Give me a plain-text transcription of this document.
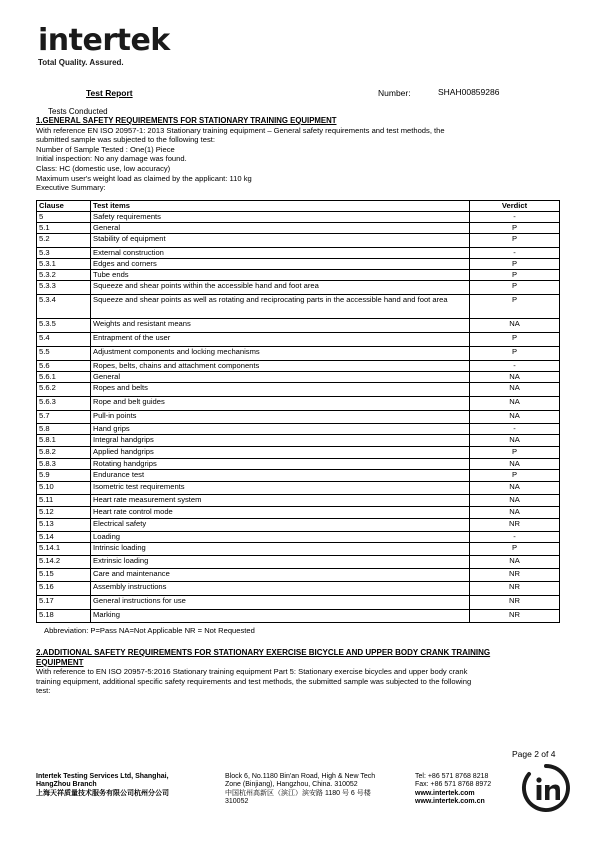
intertek
Total Quality. Assured.
Test Report	Number:	SHAH00859286
Tests Conducted
1.GENERAL SAFETY REQUIREMENTS FOR STATIONARY TRAINING EQUIPMENT
With reference EN ISO 20957-1: 2013 Stationary training equipment – General safety requirements and test methods, the
submitted sample was subjected to the following test:
Number of Sample Tested : One(1) Piece
Initial inspection: No any damage was found.
Class: HC (domestic use, low accuracy)
Maximum user's weight load as claimed by the applicant: 110 kg
Executive Summary:
Clause	Test items	Verdict
5	Safety requirements	-
5.1	General	P
5.2	Stability of equipment	P
5.3	External construction	-
5.3.1	Edges and corners	P
5.3.2	Tube ends	P
5.3.3	Squeeze and shear points within the accessible hand and foot area	P
5.3.4	Squeeze and shear points as well as rotating and reciprocating parts in the accessible hand and foot area	P
5.3.5	Weights and resistant means	NA
5.4	Entrapment of the user	P
5.5	Adjustment components and locking mechanisms	P
5.6	Ropes, belts, chains and attachment components	-
5.6.1	General	NA
5.6.2	Ropes and belts	NA
5.6.3	Rope and belt guides	NA
5.7	Pull-in points	NA
5.8	Hand grips	-
5.8.1	Integral handgrips	NA
5.8.2	Applied handgrips	P
5.8.3	Rotating handgrips	NA
5.9	Endurance test	P
5.10	Isometric test requirements	NA
5.11	Heart rate measurement system	NA
5.12	Heart rate control mode	NA
5.13	Electrical safety	NR
5.14	Loading	-
5.14.1	Intrinsic loading	P
5.14.2	Extrinsic loading	NA
5.15	Care and maintenance	NR
5.16	Assembly instructions	NR
5.17	General instructions for use	NR
5.18	Marking	NR
Abbreviation: P=Pass NA=Not Applicable NR = Not Requested
2.ADDITIONAL SAFETY REQUIREMENTS FOR STATIONARY EXERCISE BICYCLE AND UPPER BODY CRANK TRAINING
EQUIPMENT
With reference to EN ISO 20957-5:2016 Stationary training equipment Part 5: Stationary exercise bicycles and upper body crank
training equipment, additional specific safety requirements and test methods, the submitted sample was subjected to the following
test:
Page 2 of 4
Intertek Testing Services Ltd, Shanghai,
HangZhou Branch
上海天祥质量技术服务有限公司杭州分公司
Block 6, No.1180 Bin'an Road, High & New Tech
Zone (Binjiang), Hangzhou, China. 310052
中国杭州高新区（滨江）滨安路 1180 号 6 号楼
310052
Tel: +86 571 8768 8218
Fax: +86 571 8768 8972
www.intertek.com
www.intertek.com.cn
